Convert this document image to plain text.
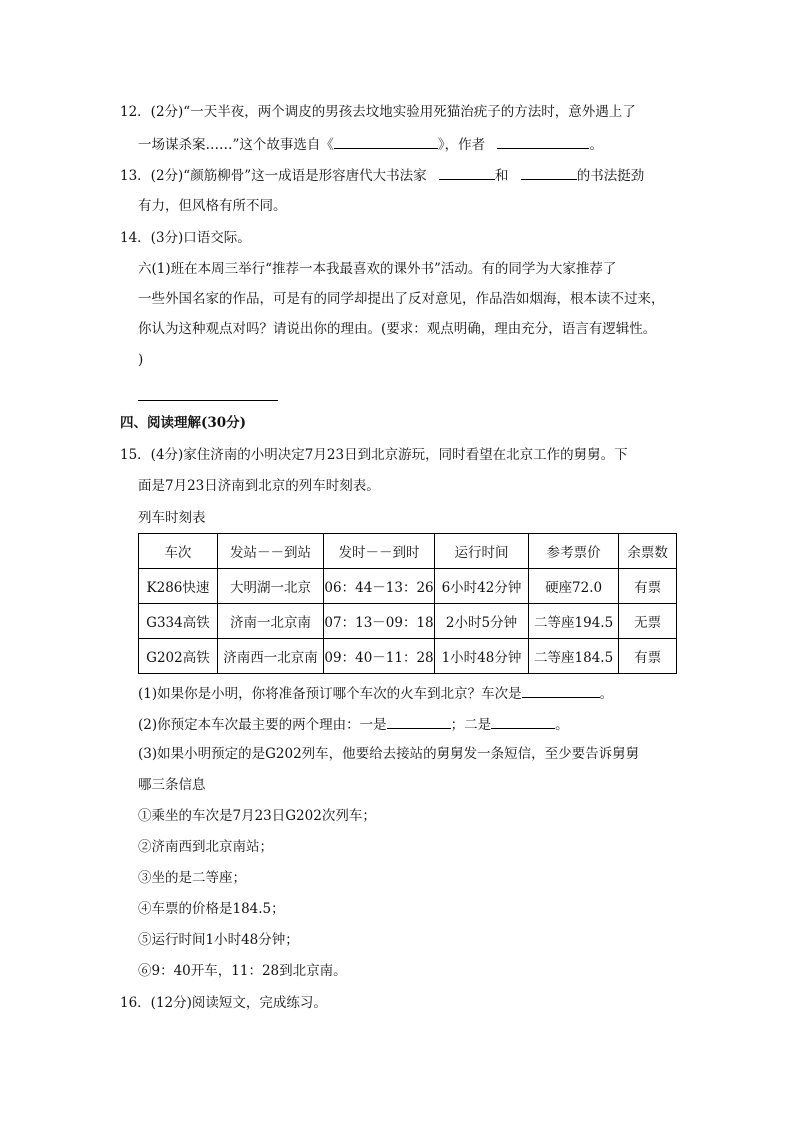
12．(2分)“一天半夜，两个调皮的男孩去坟地实验用死猫治疣子的方法时，意外遇上了
一场谋杀案……”这个故事选自《	》，作者	。
13．(2分)“颜筋柳骨”这一成语是形容唐代大书法家	和	的书法挺劲
有力，但风格有所不同。
14．(3分)口语交际。
六(1)班在本周三举行“推荐一本我最喜欢的课外书”活动。有的同学为大家推荐了
一些外国名家的作品，可是有的同学却提出了反对意见，作品浩如烟海，根本读不过来，
你认为这种观点对吗？请说出你的理由。(要求：观点明确，理由充分，语言有逻辑性。
)
四、阅读理解(30分)
15．(4分)家住济南的小明决定7月23日到北京游玩，同时看望在北京工作的舅舅。下
面是7月23日济南到北京的列车时刻表。
列车时刻表
车次	发站－－到站	发时－－到时	运行时间	参考票价	余票数
K286快速	大明湖一北京	06：44－13：26	6小时42分钟	硬座72.0	有票
G334高铁	济南一北京南	07：13－09：18	2小时5分钟	二等座194.5	无票
G202高铁	济南西一北京南	09：40－11：28	1小时48分钟	二等座184.5	有票
(1)如果你是小明，你将准备预订哪个车次的火车到北京？车次是	。
(2)你预定本车次最主要的两个理由：一是	；二是	。
(3)如果小明预定的是G202列车，他要给去接站的舅舅发一条短信，至少要告诉舅舅
哪三条信息
①乘坐的车次是7月23日G202次列车；
②济南西到北京南站；
③坐的是二等座；
④车票的价格是184.5；
⑤运行时间1小时48分钟；
⑥9：40开车，11：28到北京南。
16．(12分)阅读短文，完成练习。
